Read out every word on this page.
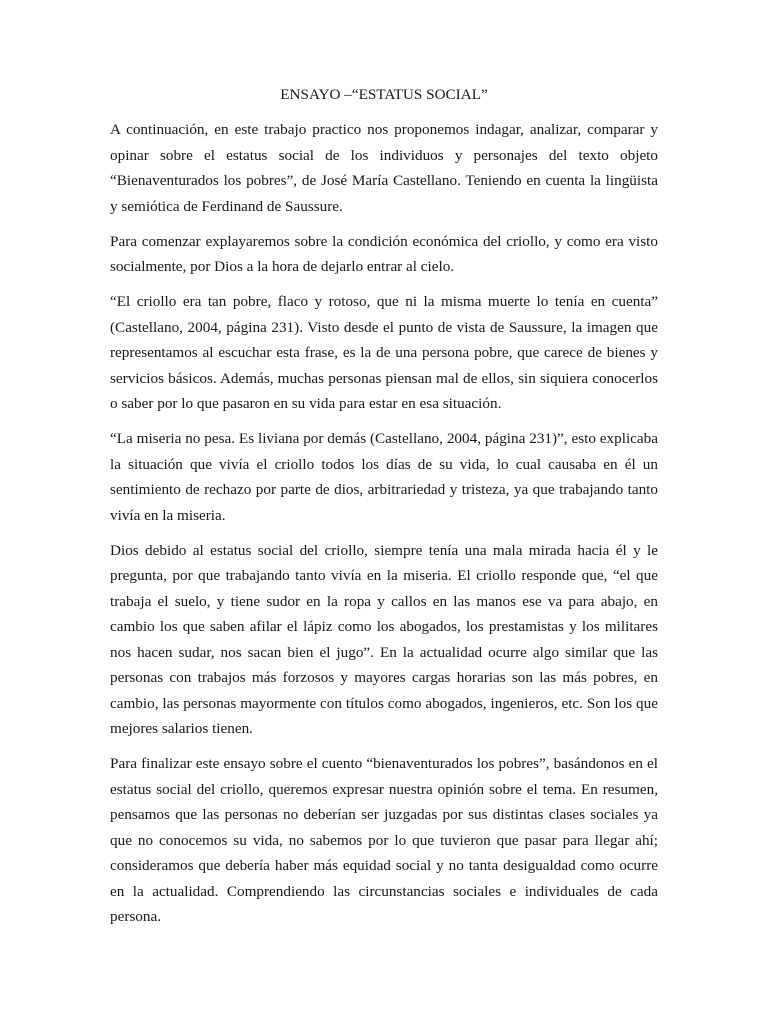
ENSAYO –“ESTATUS SOCIAL”

A continuación, en este trabajo practico nos proponemos indagar, analizar, comparar y opinar sobre el estatus social de los individuos y personajes del texto objeto “Bienaventurados los pobres”, de José María Castellano. Teniendo en cuenta la lingüista y semiótica de Ferdinand de Saussure.

Para comenzar explayaremos sobre la condición económica del criollo, y como era visto socialmente, por Dios a la hora de dejarlo entrar al cielo.

“El criollo era tan pobre, flaco y rotoso, que ni la misma muerte lo tenía en cuenta” (Castellano, 2004, página 231). Visto desde el punto de vista de Saussure, la imagen que representamos al escuchar esta frase, es la de una persona pobre, que carece de bienes y servicios básicos. Además, muchas personas piensan mal de ellos, sin siquiera conocerlos o saber por lo que pasaron en su vida para estar en esa situación.

“La miseria no pesa. Es liviana por demás (Castellano, 2004, página 231)”, esto explicaba la situación que vivía el criollo todos los días de su vida, lo cual causaba en él un sentimiento de rechazo por parte de dios, arbitrariedad y tristeza, ya que trabajando tanto vivía en la miseria.

Dios debido al estatus social del criollo, siempre tenía una mala mirada hacia él y le pregunta, por que trabajando tanto vivía en la miseria. El criollo responde que, “el que trabaja el suelo, y tiene sudor en la ropa y callos en las manos ese va para abajo, en cambio los que saben afilar el lápiz como los abogados, los prestamistas y los militares nos hacen sudar, nos sacan bien el jugo”. En la actualidad ocurre algo similar que las personas con trabajos más forzosos y mayores cargas horarias son las más pobres, en cambio, las personas mayormente con títulos como abogados, ingenieros, etc. Son los que mejores salarios tienen.

Para finalizar este ensayo sobre el cuento “bienaventurados los pobres”, basándonos en el estatus social del criollo, queremos expresar nuestra opinión sobre el tema. En resumen, pensamos que las personas no deberían ser juzgadas por sus distintas clases sociales ya que no conocemos su vida, no sabemos por lo que tuvieron que pasar para llegar ahí; consideramos que debería haber más equidad social y no tanta desigualdad como ocurre en la actualidad. Comprendiendo las circunstancias sociales e individuales de cada persona.
